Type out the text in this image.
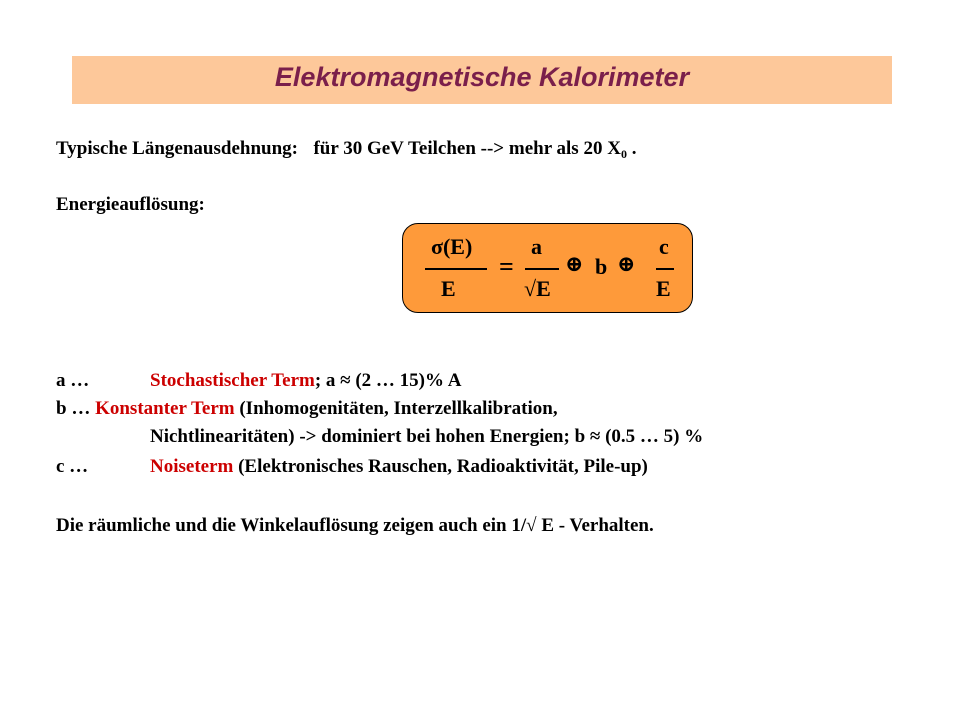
Elektromagnetische Kalorimeter
Typische Längenausdehnung: für 30 GeV Teilchen --> mehr als 20 $X_0$ .
Energieauflösung:
σ(E)
E
=
a
√E
⊕ b ⊕
c
E
a …	Stochastischer Term; a ≈ (2 … 15)% A
b … Konstanter Term (Inhomogenitäten, Interzellkalibration,
Nichtlinearitäten) -> dominiert bei hohen Energien; b ≈ (0.5 … 5) %
c …	Noiseterm (Elektronisches Rauschen, Radioaktivität, Pile-up)
Die räumliche und die Winkelauflösung zeigen auch ein 1/√ E - Verhalten.
